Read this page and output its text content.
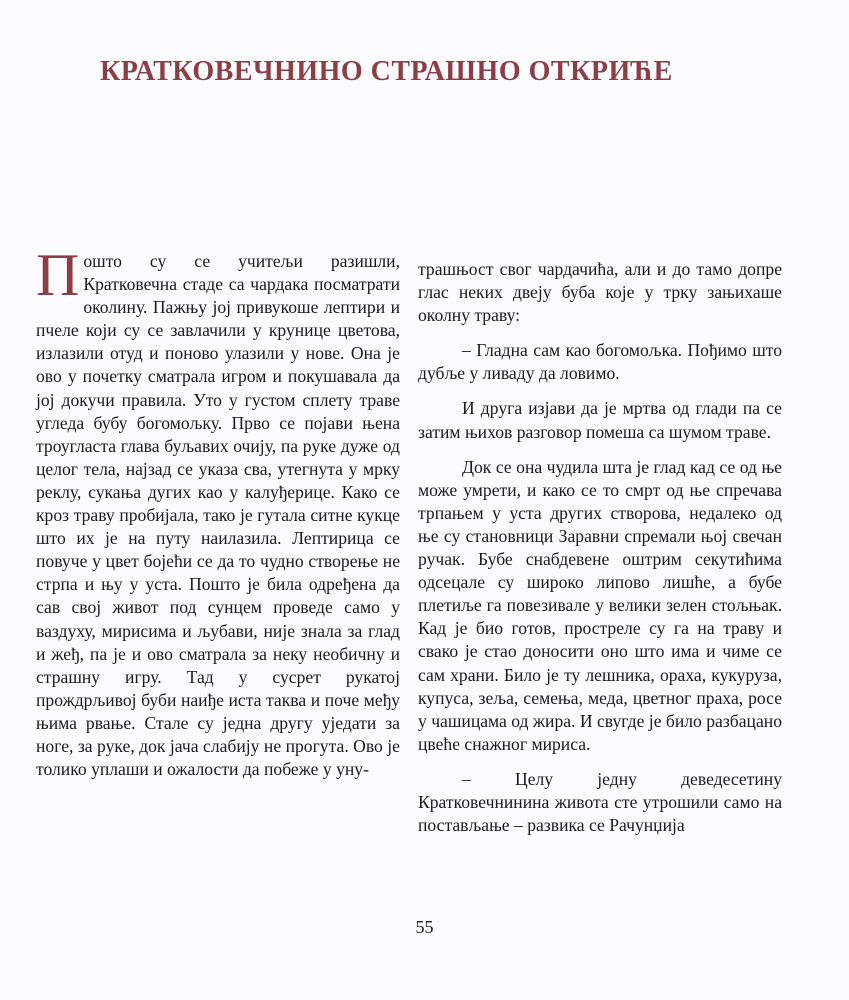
КРАТКОВЕЧНИНО СТРАШНО ОТКРИЋЕ

Пошто су се учитељи разишли, Кратковечна стаде са чардака посматрати околину. Пажњу јој привукоше лептири и пчеле који су се завлачили у крунице цветова, излазили отуд и поново улазили у нове. Она је ово у почетку сматрала игром и покушавала да јој докучи правила. Уто у густом сплету траве угледа бубу богомољку. Прво се појави њена троугласта глава буљавих очију, па руке дуже од целог тела, најзад се указа сва, утегнута у мрку реклу, сукања дугих као у калуђерице. Како се кроз траву пробијала, тако је гутала ситне кукце што их је на путу наилазила. Лептирица се повуче у цвет бојећи се да то чудно створење не стрпа и њу у уста. Пошто је била одређена да сав свој живот под сунцем проведе само у ваздуху, мирисима и љубави, није знала за глад и жеђ, па је и ово сматрала за неку необичну и страшну игру. Тад у сусрет рукатој прождрљивој буби наиђе иста таква и поче међу њима рвање. Стале су једна другу уједати за ноге, за руке, док јача слабију не прогута. Ово је толико уплаши и ожалости да побеже у уну-

трашњост свог чардачића, али и до тамо допре глас неких двеју буба које у трку зањихаше околну траву:

– Гладна сам као богомољка. Пођимо што дубље у ливаду да ловимо.

И друга изјави да је мртва од глади па се затим њихов разговор помеша са шумом траве.

Док се она чудила шта је глад кад се од ње може умрети, и како се то смрт од ње спречава трпањем у уста других створова, недалеко од ње су становници Заравни спремали њој свечан ручак. Бубе снабдевене оштрим секутићима одсецале су широко липово лишће, а бубе плетиље га повезивале у велики зелен стољњак. Кад је био готов, простреле су га на траву и свако је стао доносити оно што има и чиме се сам храни. Било је ту лешника, ораха, кукуруза, купуса, зеља, семења, меда, цветног праха, росе у чашицама од жира. И свугде је било разбацано цвеће снажног мириса.

– Целу једну деведесетину Кратковечнинина живота сте утрошили само на постављање – развика се Рачунџија

55
